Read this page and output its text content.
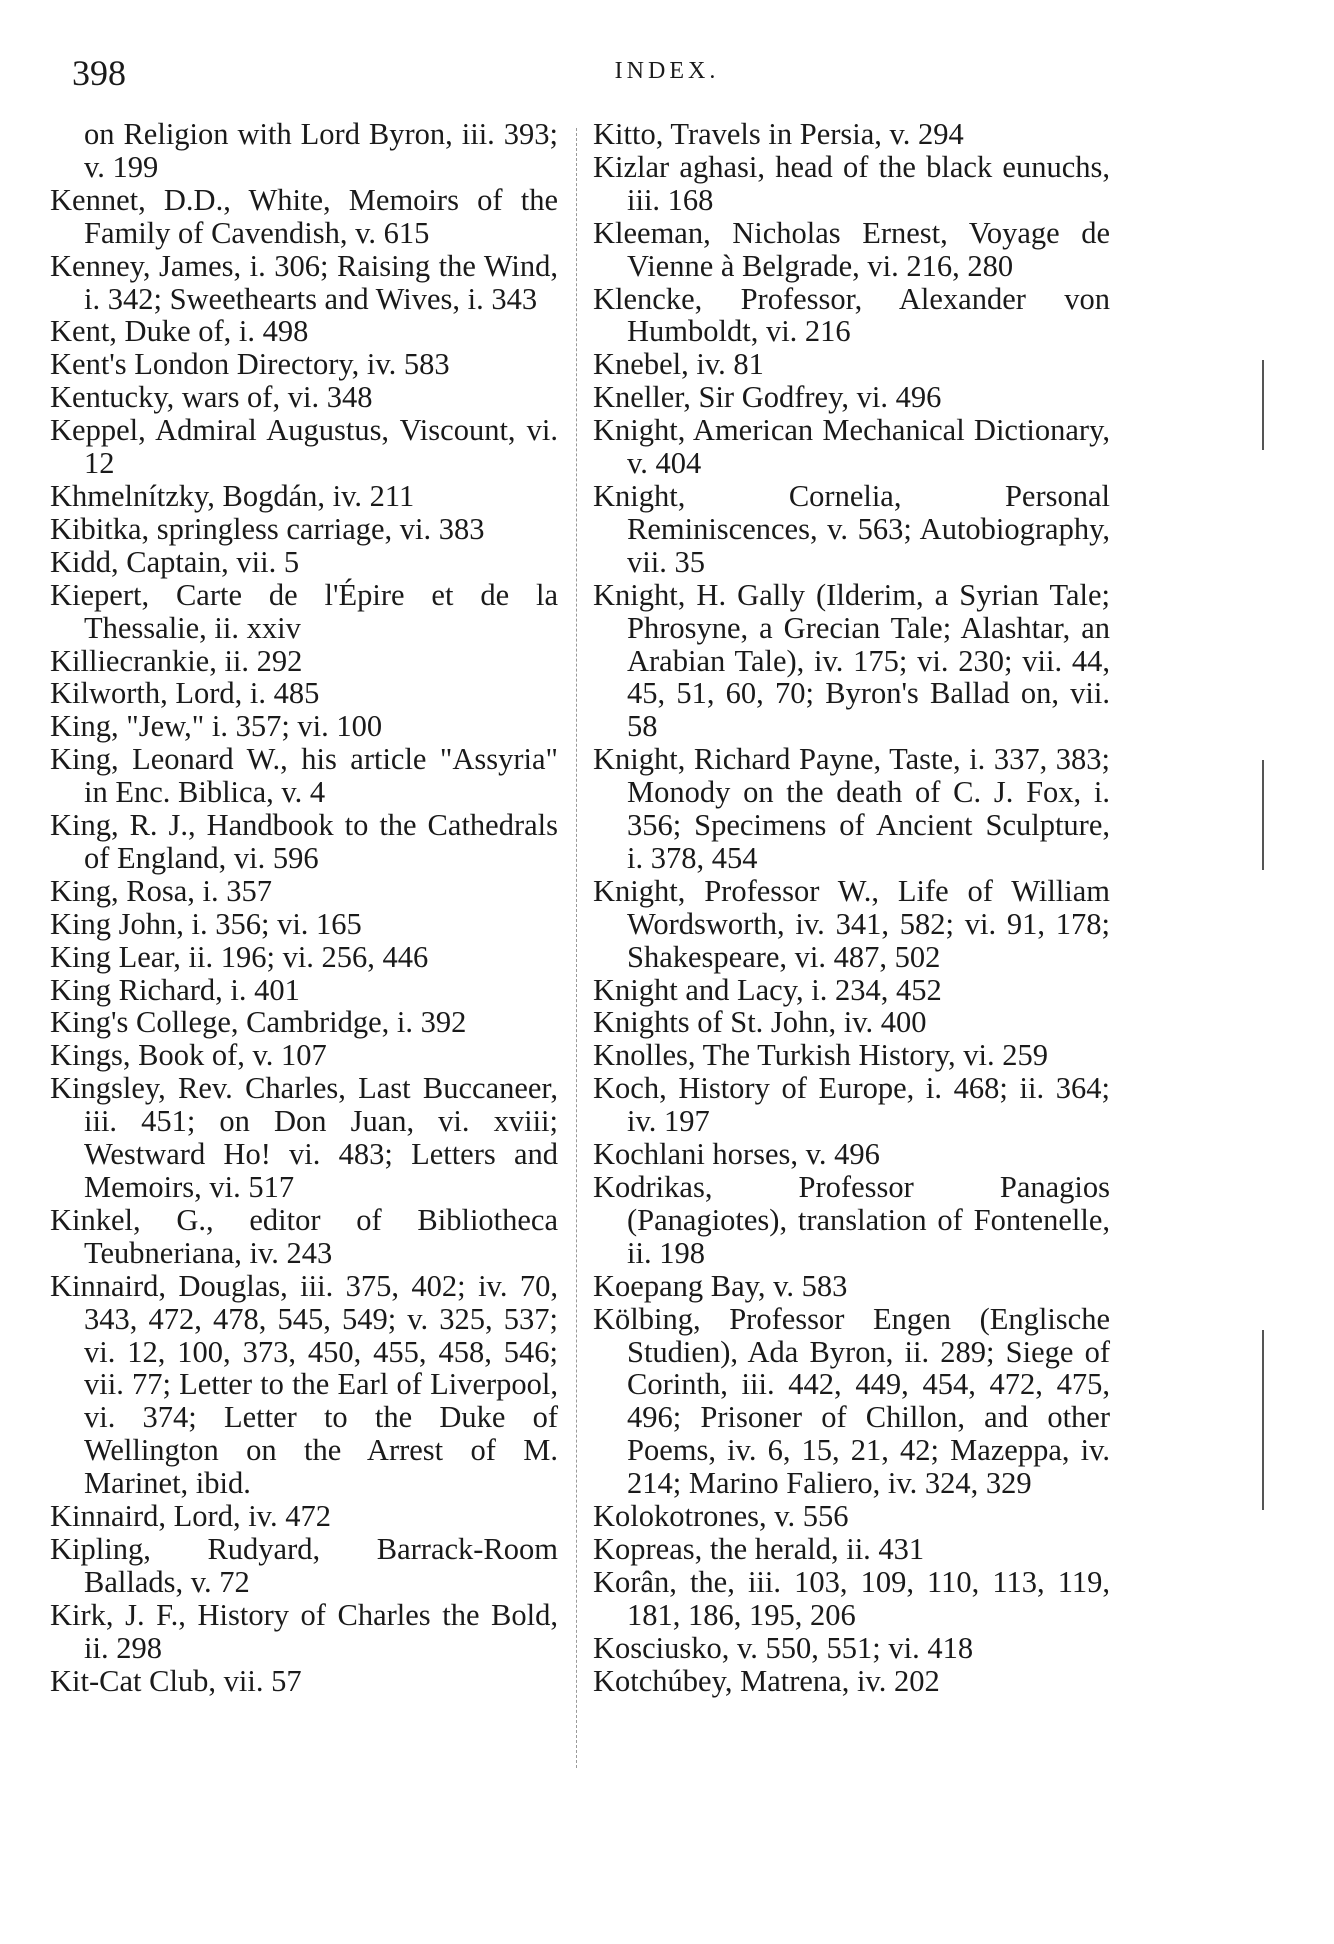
398	INDEX.
on Religion with Lord Byron, iii. 393; v. 199
Kennet, D.D., White, Memoirs of the Family of Cavendish, v. 615
Kenney, James, i. 306; Raising the Wind, i. 342; Sweethearts and Wives, i. 343
Kent, Duke of, i. 498
Kent's London Directory, iv. 583
Kentucky, wars of, vi. 348
Keppel, Admiral Augustus, Viscount, vi. 12
Khmelnítzky, Bogdán, iv. 211
Kibitka, springless carriage, vi. 383
Kidd, Captain, vii. 5
Kiepert, Carte de l'Épire et de la Thessalie, ii. xxiv
Killiecrankie, ii. 292
Kilworth, Lord, i. 485
King, "Jew," i. 357; vi. 100
King, Leonard W., his article "Assyria" in Enc. Biblica, v. 4
King, R. J., Handbook to the Cathedrals of England, vi. 596
King, Rosa, i. 357
King John, i. 356; vi. 165
King Lear, ii. 196; vi. 256, 446
King Richard, i. 401
King's College, Cambridge, i. 392
Kings, Book of, v. 107
Kingsley, Rev. Charles, Last Buccaneer, iii. 451; on Don Juan, vi. xviii; Westward Ho! vi. 483; Letters and Memoirs, vi. 517
Kinkel, G., editor of Bibliotheca Teubneriana, iv. 243
Kinnaird, Douglas, iii. 375, 402; iv. 70, 343, 472, 478, 545, 549; v. 325, 537; vi. 12, 100, 373, 450, 455, 458, 546; vii. 77; Letter to the Earl of Liverpool, vi. 374; Letter to the Duke of Wellington on the Arrest of M. Marinet, ibid.
Kinnaird, Lord, iv. 472
Kipling, Rudyard, Barrack-Room Ballads, v. 72
Kirk, J. F., History of Charles the Bold, ii. 298
Kit-Cat Club, vii. 57
Kitto, Travels in Persia, v. 294
Kizlar aghasi, head of the black eunuchs, iii. 168
Kleeman, Nicholas Ernest, Voyage de Vienne à Belgrade, vi. 216, 280
Klencke, Professor, Alexander von Humboldt, vi. 216
Knebel, iv. 81
Kneller, Sir Godfrey, vi. 496
Knight, American Mechanical Dictionary, v. 404
Knight, Cornelia, Personal Reminiscences, v. 563; Autobiography, vii. 35
Knight, H. Gally (Ilderim, a Syrian Tale; Phrosyne, a Grecian Tale; Alashtar, an Arabian Tale), iv. 175; vi. 230; vii. 44, 45, 51, 60, 70; Byron's Ballad on, vii. 58
Knight, Richard Payne, Taste, i. 337, 383; Monody on the death of C. J. Fox, i. 356; Specimens of Ancient Sculpture, i. 378, 454
Knight, Professor W., Life of William Wordsworth, iv. 341, 582; vi. 91, 178; Shakespeare, vi. 487, 502
Knight and Lacy, i. 234, 452
Knights of St. John, iv. 400
Knolles, The Turkish History, vi. 259
Koch, History of Europe, i. 468; ii. 364; iv. 197
Kochlani horses, v. 496
Kodrikas, Professor Panagios (Panagiotes), translation of Fontenelle, ii. 198
Koepang Bay, v. 583
Kölbing, Professor Engen (Englische Studien), Ada Byron, ii. 289; Siege of Corinth, iii. 442, 449, 454, 472, 475, 496; Prisoner of Chillon, and other Poems, iv. 6, 15, 21, 42; Mazeppa, iv. 214; Marino Faliero, iv. 324, 329
Kolokotrones, v. 556
Kopreas, the herald, ii. 431
Korân, the, iii. 103, 109, 110, 113, 119, 181, 186, 195, 206
Kosciusko, v. 550, 551; vi. 418
Kotchúbey, Matrena, iv. 202
